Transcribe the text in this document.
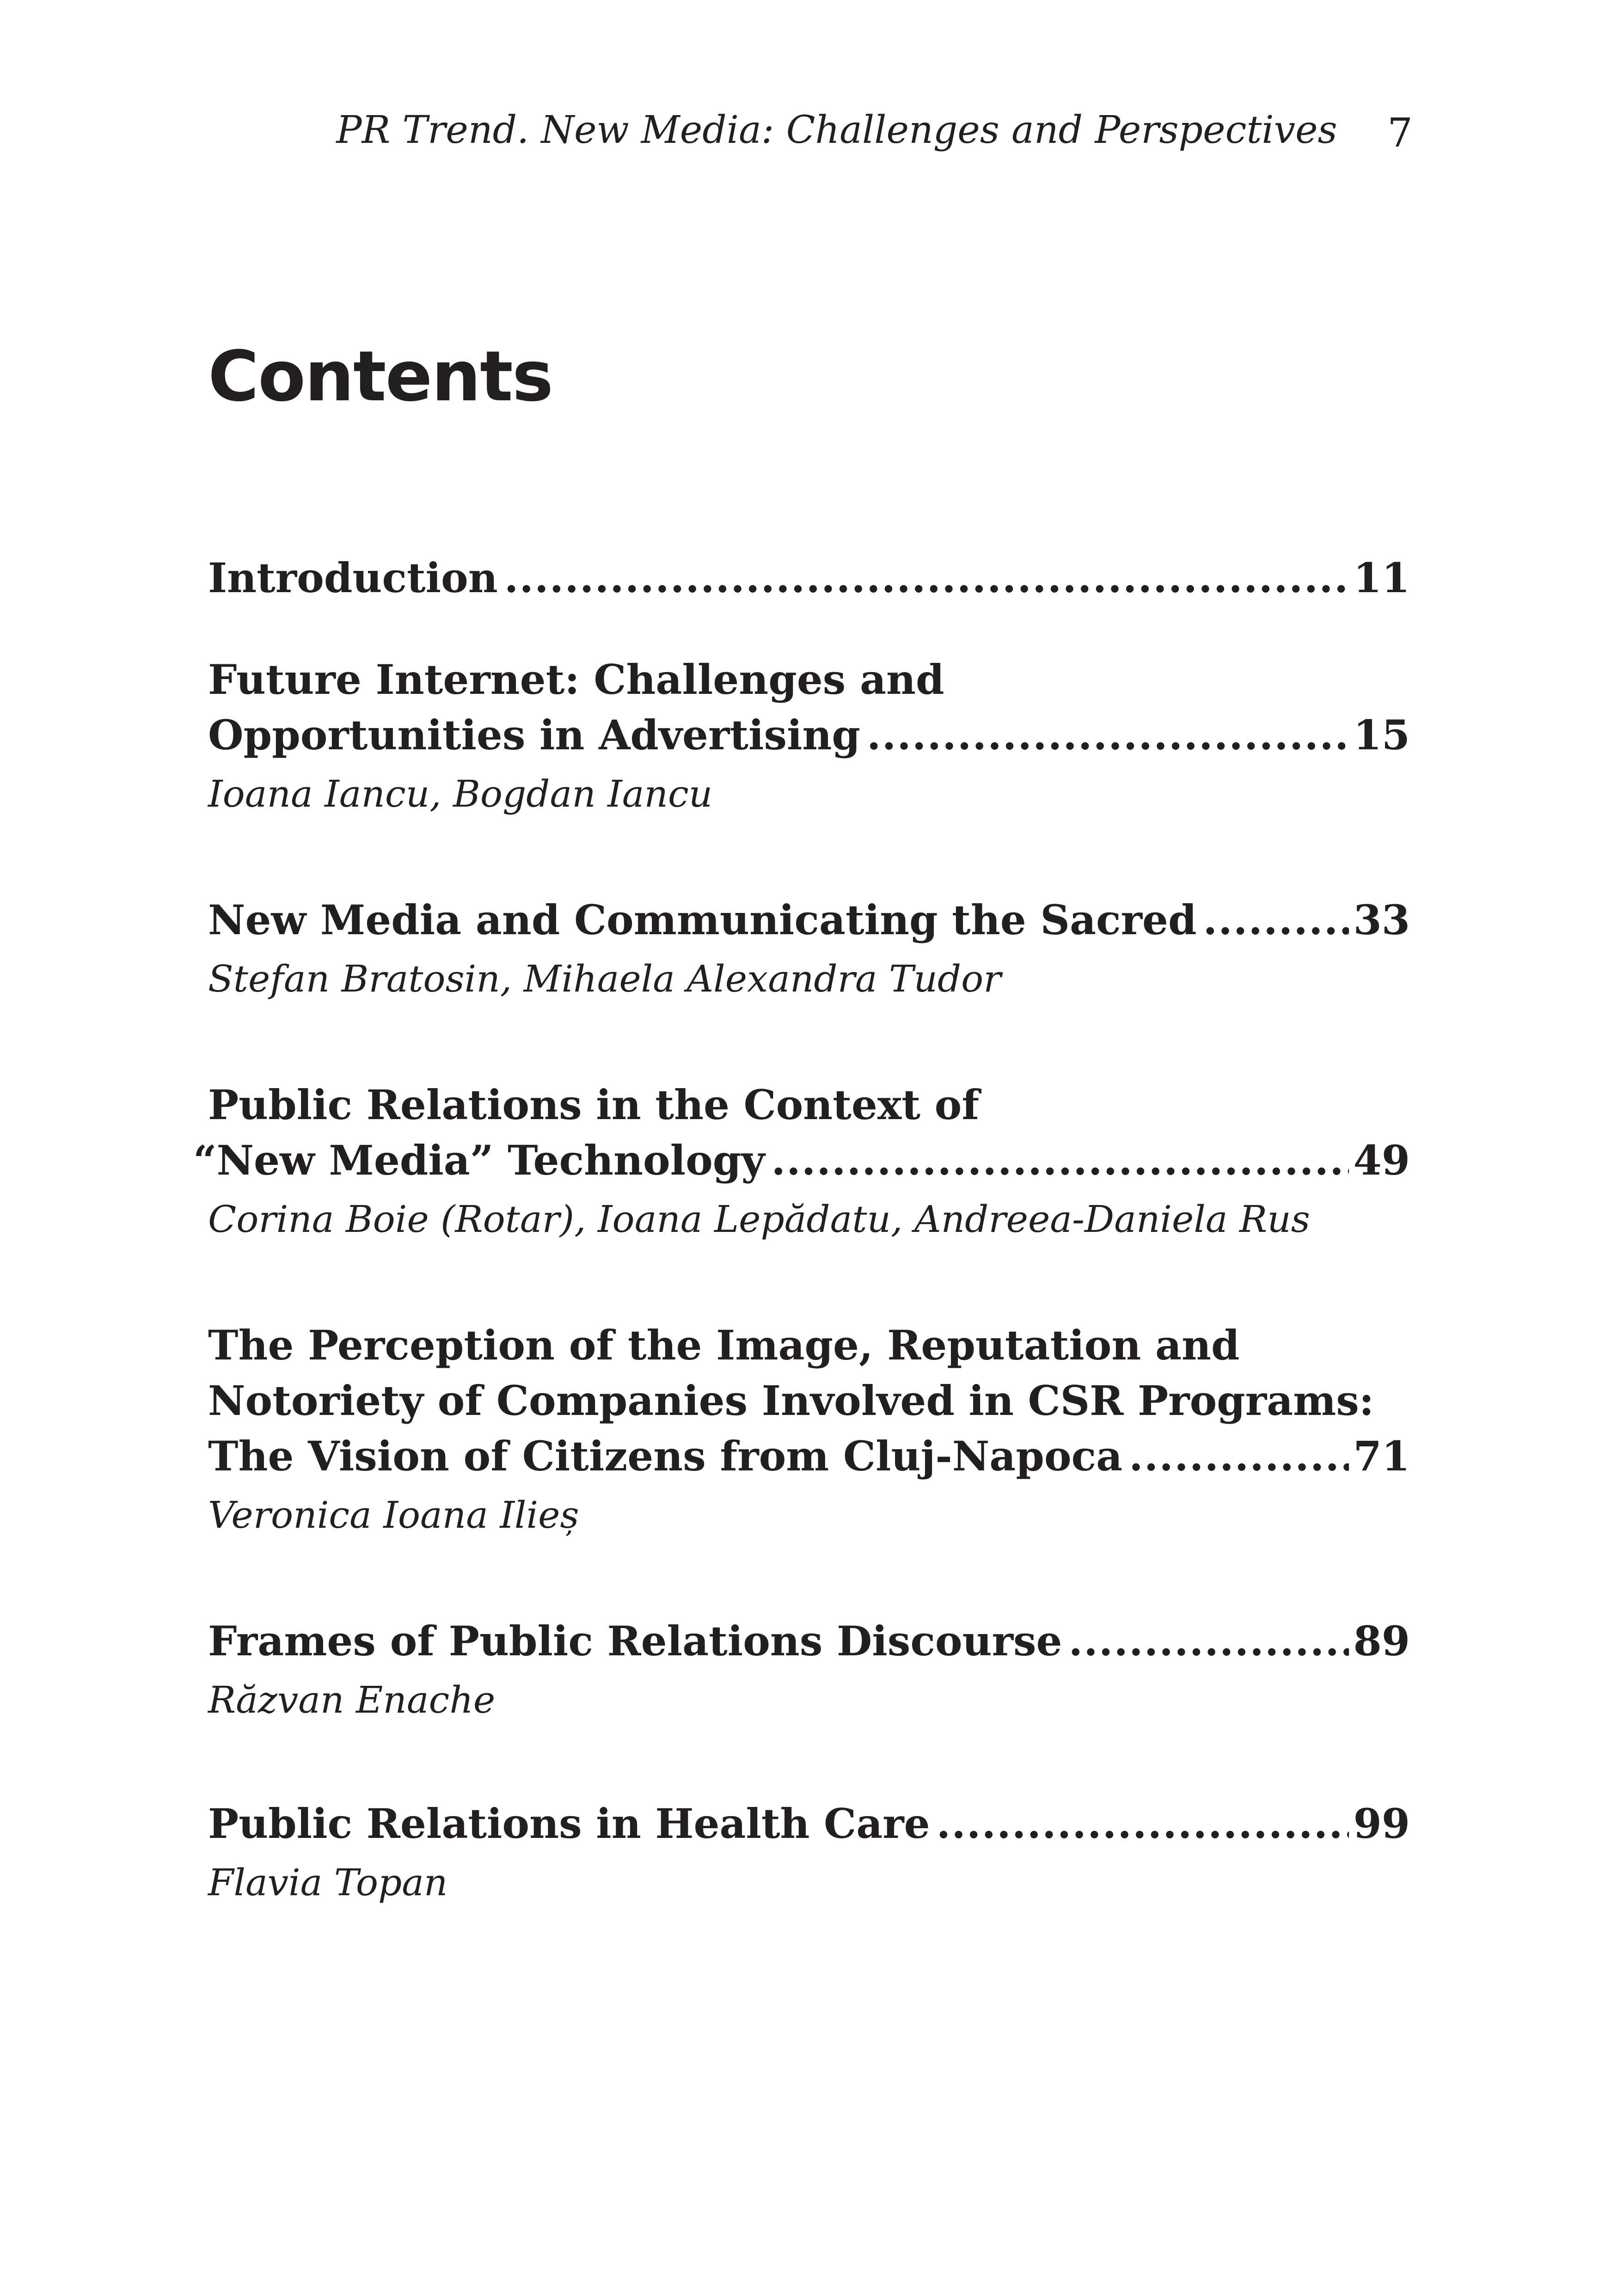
PR Trend. New Media: Challenges and Perspectives	7
Contents
Introduction .....	11
Future Internet: Challenges and
Opportunities in Advertising .....	15
Ioana Iancu, Bogdan Iancu
New Media and Communicating the Sacred .....	33
Stefan Bratosin, Mihaela Alexandra Tudor
Public Relations in the Context of
“New Media” Technology .....	49
Corina Boie (Rotar), Ioana Lepădatu, Andreea-Daniela Rus
The Perception of the Image, Reputation and
Notoriety of Companies Involved in CSR Programs:
The Vision of Citizens from Cluj-Napoca .....	71
Veronica Ioana Ilieș
Frames of Public Relations Discourse .....	89
Răzvan Enache
Public Relations in Health Care .....	99
Flavia Topan
